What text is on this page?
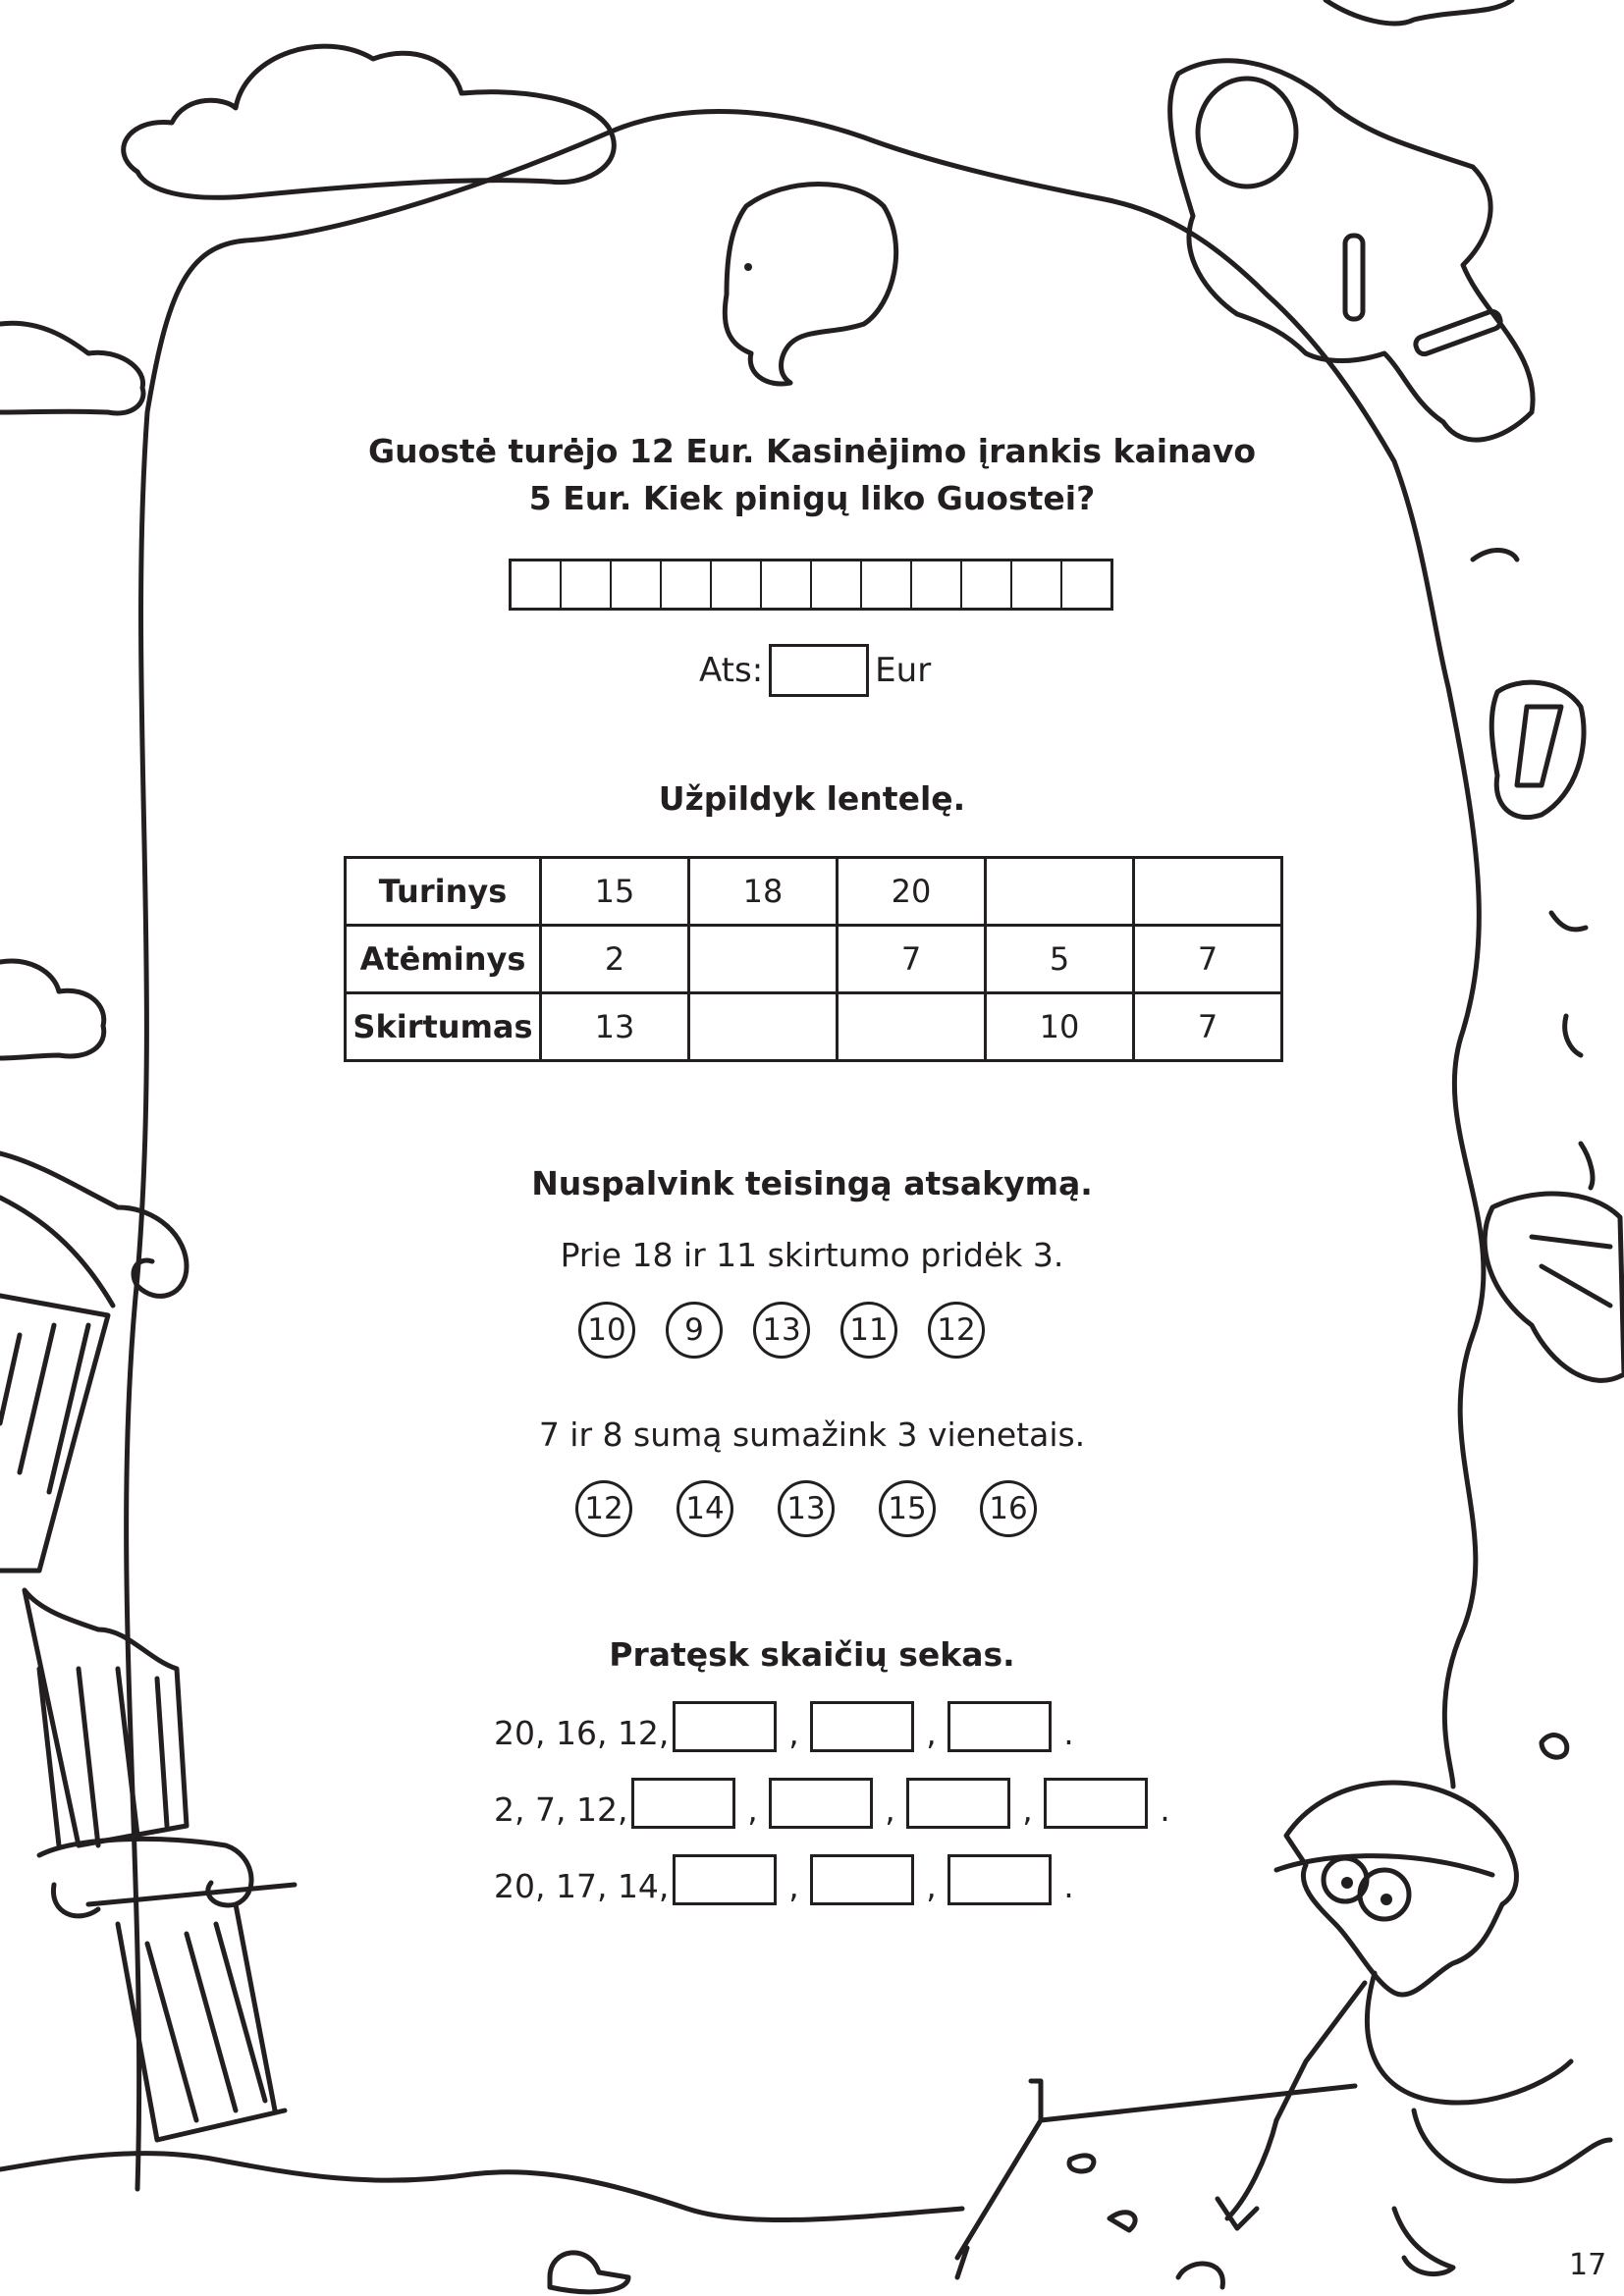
Guostė turėjo 12 Eur. Kasinėjimo įrankis kainavo
5 Eur. Kiek pinigų liko Guostei?
Ats:	Eur
Užpildyk lentelę.
Turinys	15	18	20		
Atėminys	2		7	5	7
Skirtumas	13			10	7
Nuspalvink teisingą atsakymą.
Prie 18 ir 11 skirtumo pridėk 3.
10	9	13 11 12
7 ir 8 sumą sumažink 3 vienetais.
12 14 13 15 16
Pratęsk skaičių sekas.
20, 16, 12,	,	,	.
2, 7, 12,	,	,	,	.
20, 17, 14,	,	,	.
17
